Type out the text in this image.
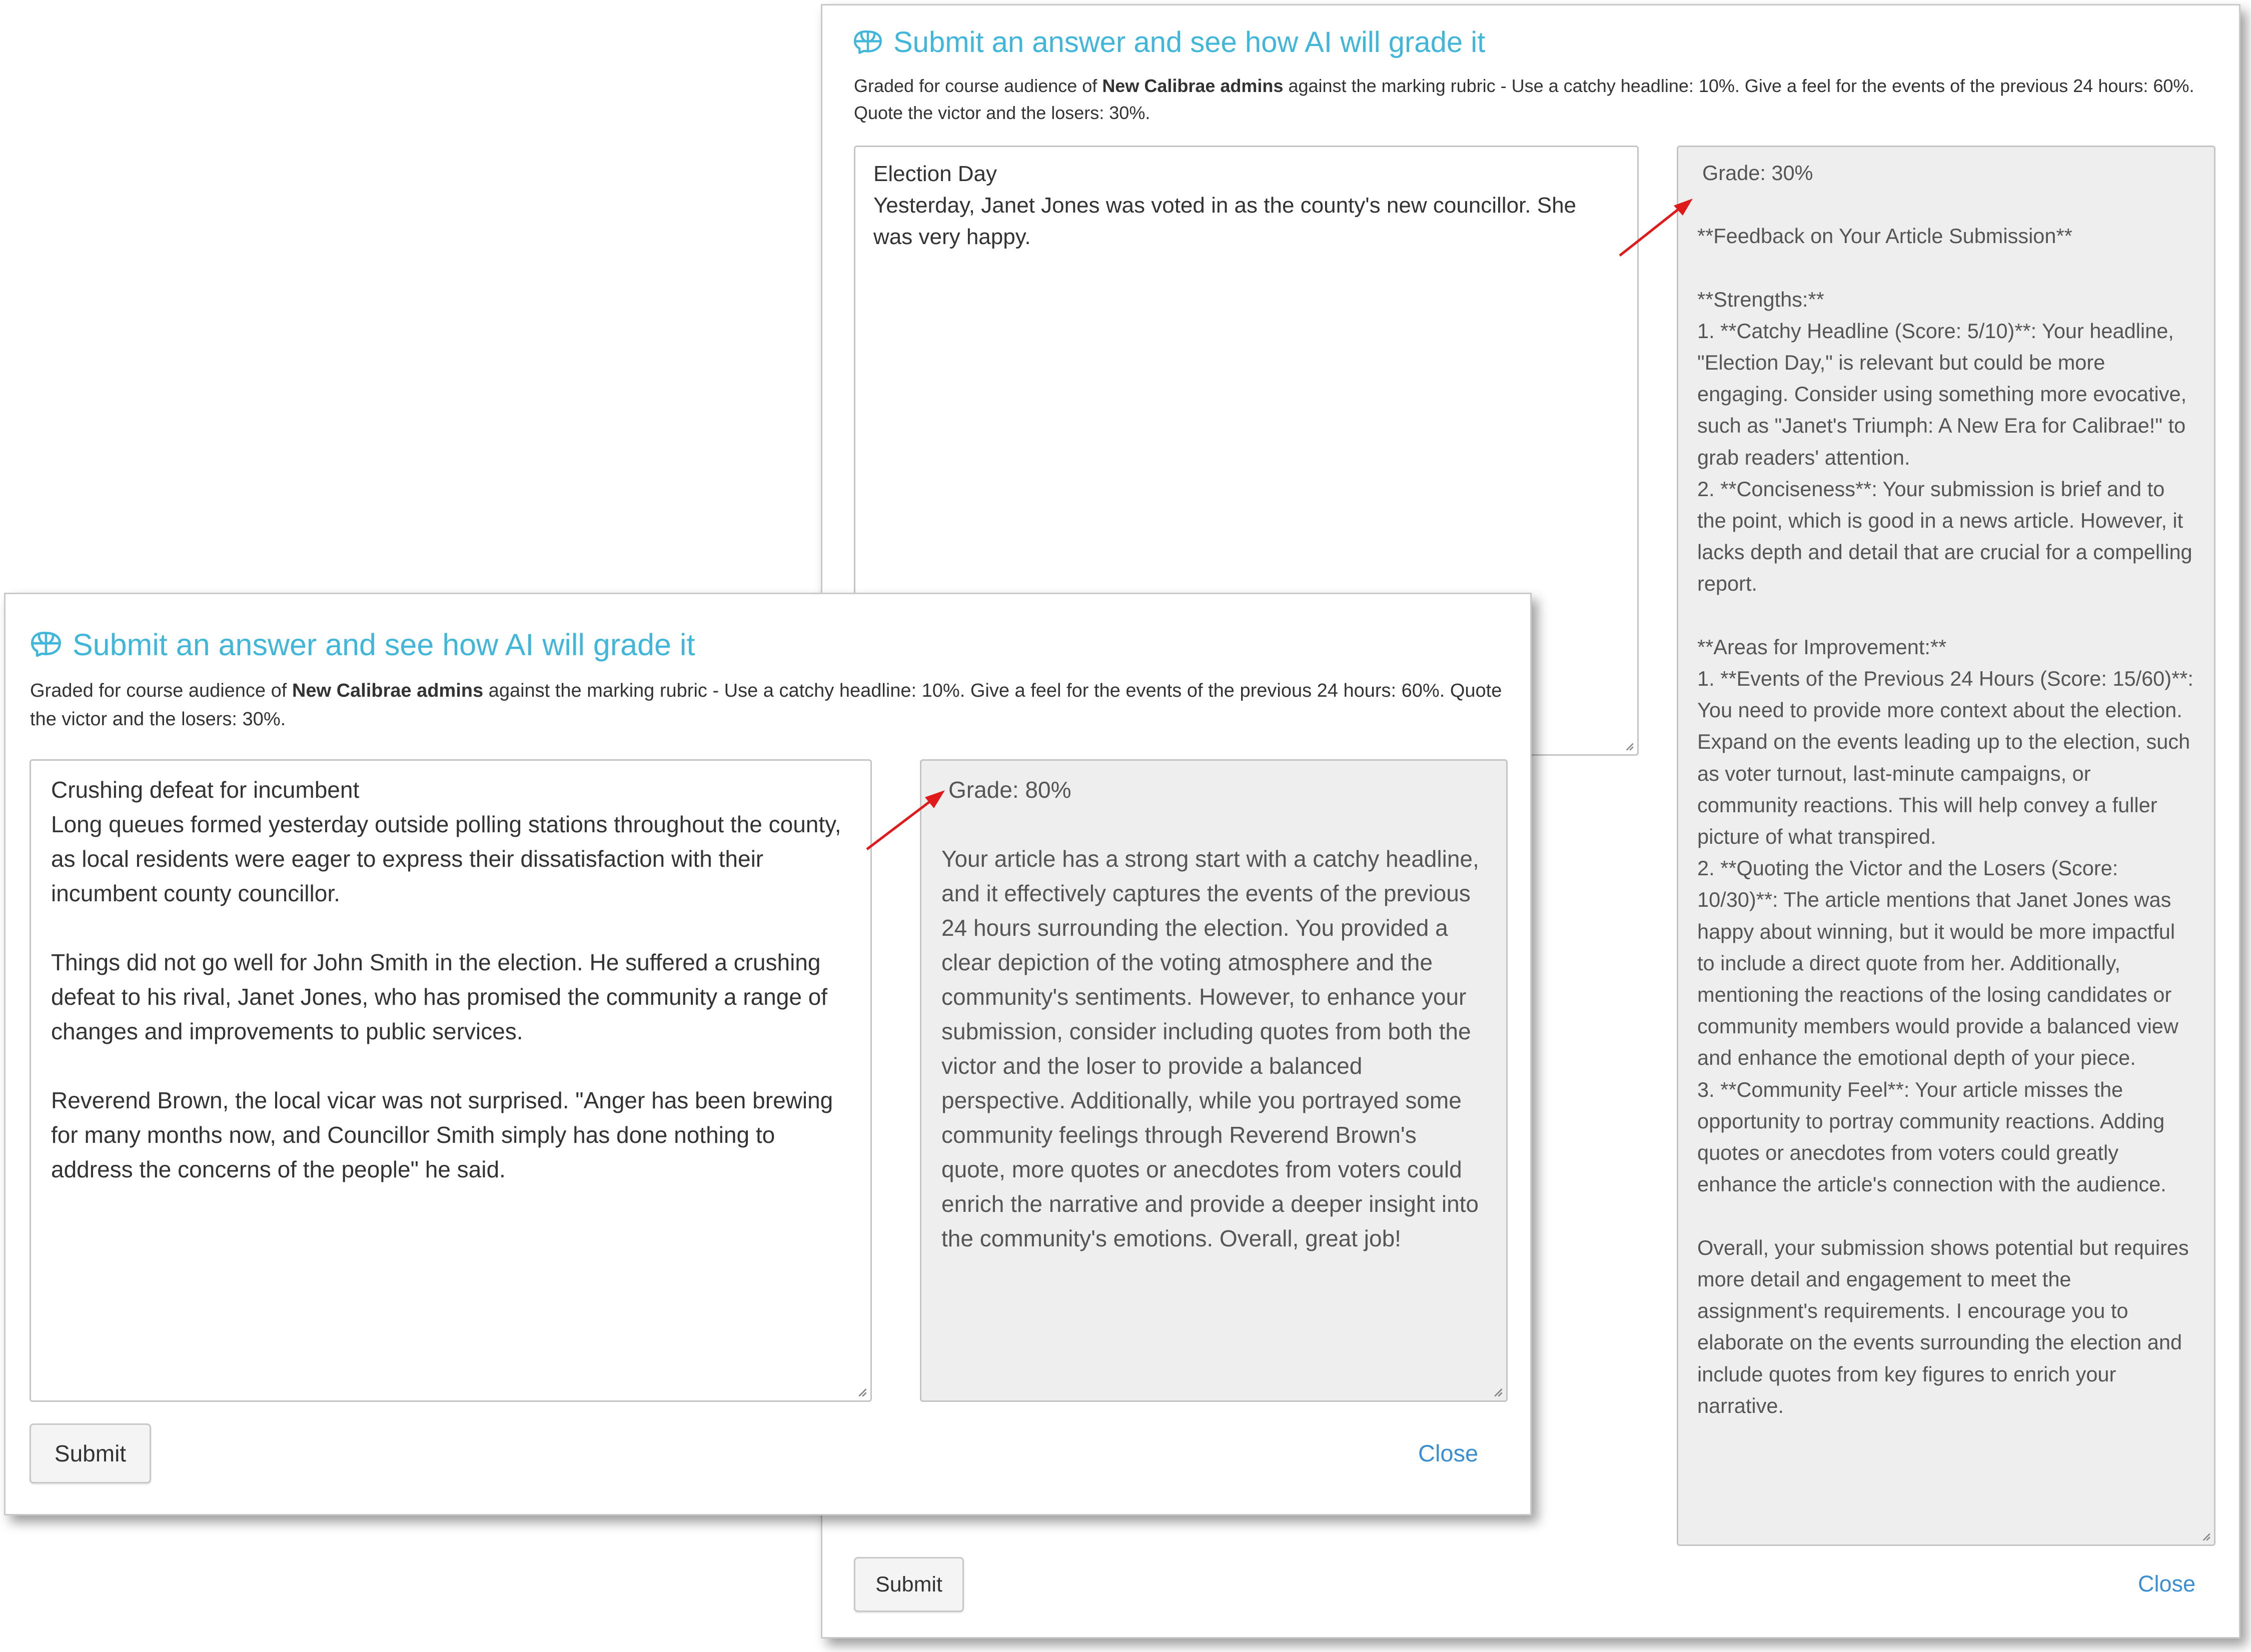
Submit an answer and see how AI will grade it
Graded for course audience of New Calibrae admins against the marking rubric - Use a catchy headline: 10%. Give a feel for the events of the previous 24 hours: 60%. Quote the victor and the losers: 30%.
Election Day
Yesterday, Janet Jones was voted in as the county's new councillor. She was very happy.
Grade: 30%
**Feedback on Your Article Submission**

**Strengths:**
1. **Catchy Headline (Score: 5/10)**: Your headline, "Election Day," is relevant but could be more engaging. Consider using something more evocative, such as "Janet's Triumph: A New Era for Calibrae!" to grab readers' attention.
2. **Conciseness**: Your submission is brief and to the point, which is good in a news article. However, it lacks depth and detail that are crucial for a compelling report.

**Areas for Improvement:**
1. **Events of the Previous 24 Hours (Score: 15/60)**: You need to provide more context about the election. Expand on the events leading up to the election, such as voter turnout, last-minute campaigns, or community reactions. This will help convey a fuller picture of what transpired.
2. **Quoting the Victor and the Losers (Score: 10/30)**: The article mentions that Janet Jones was happy about winning, but it would be more impactful to include a direct quote from her. Additionally, mentioning the reactions of the losing candidates or community members would provide a balanced view and enhance the emotional depth of your piece.
3. **Community Feel**: Your article misses the opportunity to portray community reactions. Adding quotes or anecdotes from voters could greatly enhance the article's connection with the audience.

Overall, your submission shows potential but requires more detail and engagement to meet the assignment's requirements. I encourage you to elaborate on the events surrounding the election and include quotes from key figures to enrich your narrative.
Submit	Close
Submit an answer and see how AI will grade it
Graded for course audience of New Calibrae admins against the marking rubric - Use a catchy headline: 10%. Give a feel for the events of the previous 24 hours: 60%. Quote the victor and the losers: 30%.
Crushing defeat for incumbent
Long queues formed yesterday outside polling stations throughout the county, as local residents were eager to express their dissatisfaction with their incumbent county councillor.

Things did not go well for John Smith in the election. He suffered a crushing defeat to his rival, Janet Jones, who has promised the community a range of changes and improvements to public services.

Reverend Brown, the local vicar was not surprised. "Anger has been brewing for many months now, and Councillor Smith simply has done nothing to address the concerns of the people" he said.
Grade: 80%
Your article has a strong start with a catchy headline, and it effectively captures the events of the previous 24 hours surrounding the election. You provided a clear depiction of the voting atmosphere and the community's sentiments. However, to enhance your submission, consider including quotes from both the victor and the loser to provide a balanced perspective. Additionally, while you portrayed some community feelings through Reverend Brown's quote, more quotes or anecdotes from voters could enrich the narrative and provide a deeper insight into the community's emotions. Overall, great job!
Submit	Close
